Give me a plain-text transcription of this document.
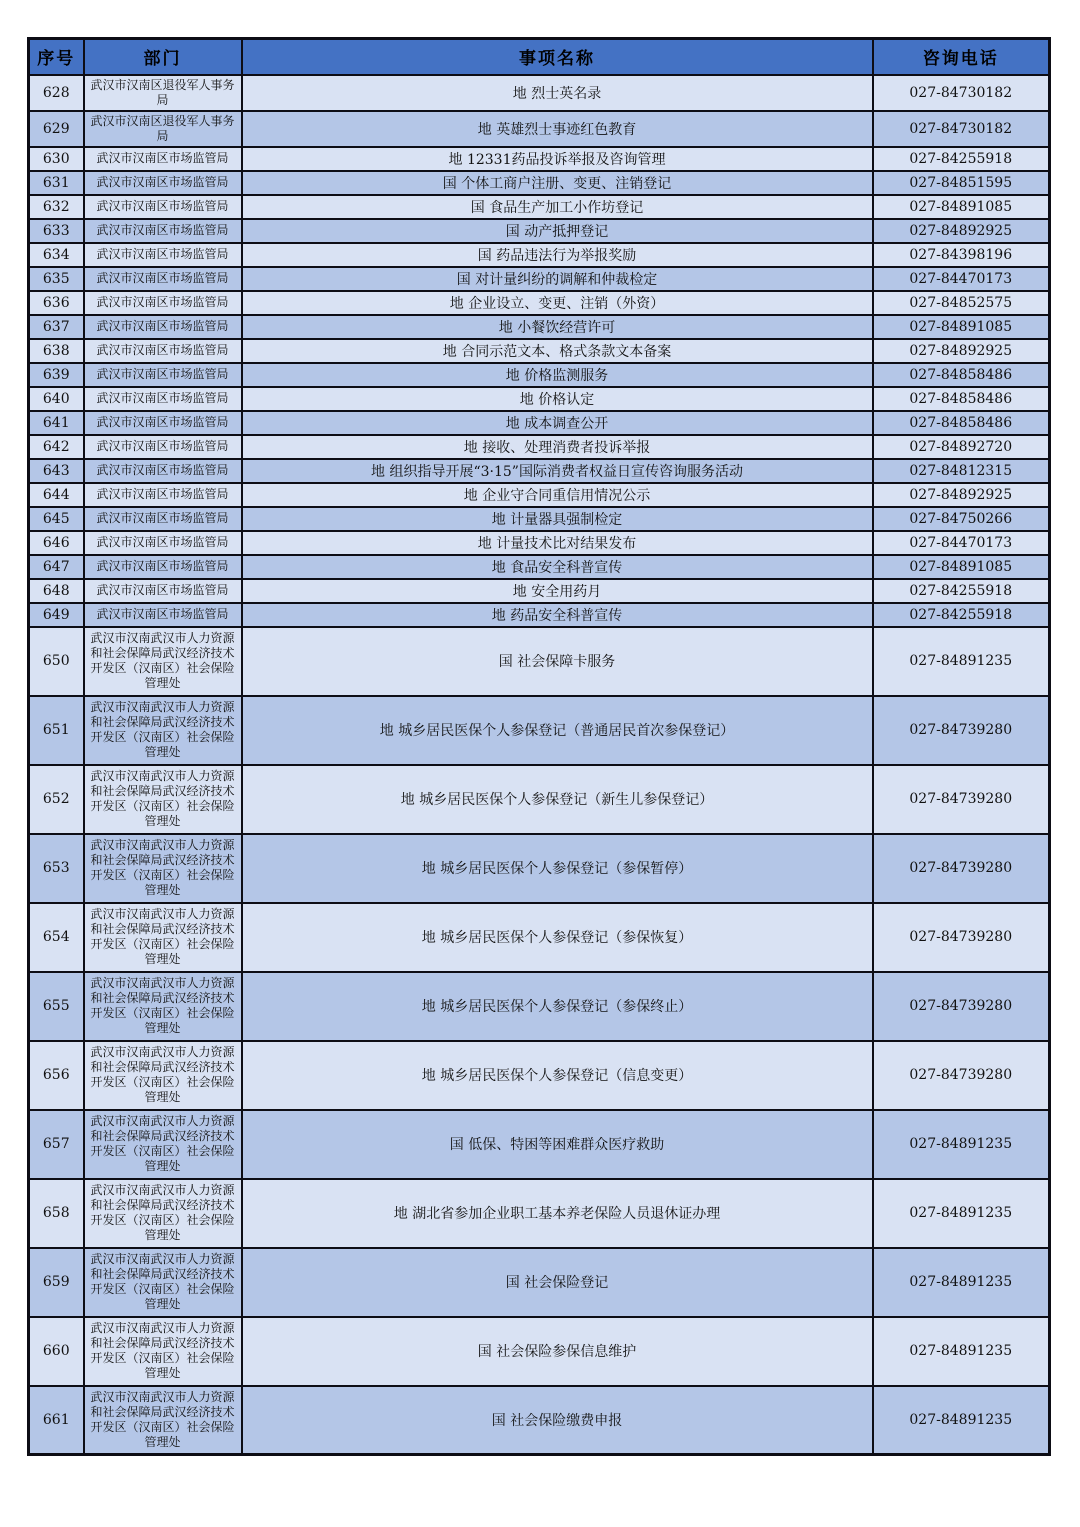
序号	部门	事项名称	咨询电话
628	武汉市汉南区退役军人事务局	地 烈士英名录	027-84730182
629	武汉市汉南区退役军人事务局	地 英雄烈士事迹红色教育	027-84730182
630	武汉市汉南区市场监管局	地 12331药品投诉举报及咨询管理	027-84255918
631	武汉市汉南区市场监管局	国 个体工商户注册、变更、注销登记	027-84851595
632	武汉市汉南区市场监管局	国 食品生产加工小作坊登记	027-84891085
633	武汉市汉南区市场监管局	国 动产抵押登记	027-84892925
634	武汉市汉南区市场监管局	国 药品违法行为举报奖励	027-84398196
635	武汉市汉南区市场监管局	国 对计量纠纷的调解和仲裁检定	027-84470173
636	武汉市汉南区市场监管局	地 企业设立、变更、注销（外资）	027-84852575
637	武汉市汉南区市场监管局	地 小餐饮经营许可	027-84891085
638	武汉市汉南区市场监管局	地 合同示范文本、格式条款文本备案	027-84892925
639	武汉市汉南区市场监管局	地 价格监测服务	027-84858486
640	武汉市汉南区市场监管局	地 价格认定	027-84858486
641	武汉市汉南区市场监管局	地 成本调查公开	027-84858486
642	武汉市汉南区市场监管局	地 接收、处理消费者投诉举报	027-84892720
643	武汉市汉南区市场监管局	地 组织指导开展“3·15”国际消费者权益日宣传咨询服务活动	027-84812315
644	武汉市汉南区市场监管局	地 企业守合同重信用情况公示	027-84892925
645	武汉市汉南区市场监管局	地 计量器具强制检定	027-84750266
646	武汉市汉南区市场监管局	地 计量技术比对结果发布	027-84470173
647	武汉市汉南区市场监管局	地 食品安全科普宣传	027-84891085
648	武汉市汉南区市场监管局	地 安全用药月	027-84255918
649	武汉市汉南区市场监管局	地 药品安全科普宣传	027-84255918
650	武汉市汉南武汉市人力资源和社会保障局武汉经济技术开发区（汉南区）社会保险管理处	国 社会保障卡服务	027-84891235
651	武汉市汉南武汉市人力资源和社会保障局武汉经济技术开发区（汉南区）社会保险管理处	地 城乡居民医保个人参保登记（普通居民首次参保登记）	027-84739280
652	武汉市汉南武汉市人力资源和社会保障局武汉经济技术开发区（汉南区）社会保险管理处	地 城乡居民医保个人参保登记（新生儿参保登记）	027-84739280
653	武汉市汉南武汉市人力资源和社会保障局武汉经济技术开发区（汉南区）社会保险管理处	地 城乡居民医保个人参保登记（参保暂停）	027-84739280
654	武汉市汉南武汉市人力资源和社会保障局武汉经济技术开发区（汉南区）社会保险管理处	地 城乡居民医保个人参保登记（参保恢复）	027-84739280
655	武汉市汉南武汉市人力资源和社会保障局武汉经济技术开发区（汉南区）社会保险管理处	地 城乡居民医保个人参保登记（参保终止）	027-84739280
656	武汉市汉南武汉市人力资源和社会保障局武汉经济技术开发区（汉南区）社会保险管理处	地 城乡居民医保个人参保登记（信息变更）	027-84739280
657	武汉市汉南武汉市人力资源和社会保障局武汉经济技术开发区（汉南区）社会保险管理处	国 低保、特困等困难群众医疗救助	027-84891235
658	武汉市汉南武汉市人力资源和社会保障局武汉经济技术开发区（汉南区）社会保险管理处	地 湖北省参加企业职工基本养老保险人员退休证办理	027-84891235
659	武汉市汉南武汉市人力资源和社会保障局武汉经济技术开发区（汉南区）社会保险管理处	国 社会保险登记	027-84891235
660	武汉市汉南武汉市人力资源和社会保障局武汉经济技术开发区（汉南区）社会保险管理处	国 社会保险参保信息维护	027-84891235
661	武汉市汉南武汉市人力资源和社会保障局武汉经济技术开发区（汉南区）社会保险管理处	国 社会保险缴费申报	027-84891235
